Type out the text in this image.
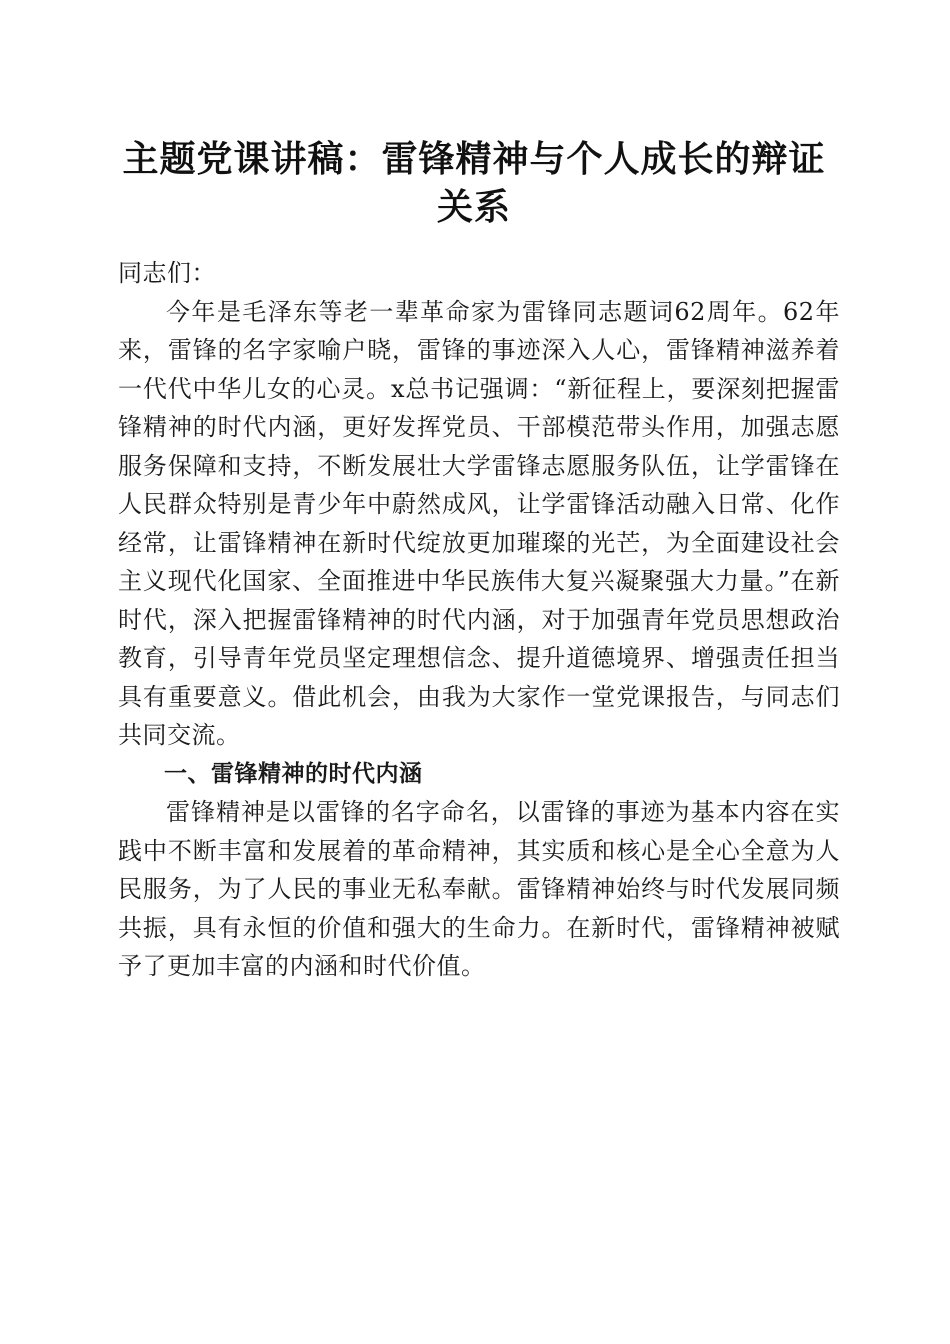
主题党课讲稿：雷锋精神与个人成长的辩证关系

同志们：

今年是毛泽东等老一辈革命家为雷锋同志题词62周年。62年来，雷锋的名字家喻户晓，雷锋的事迹深入人心，雷锋精神滋养着一代代中华儿女的心灵。x总书记强调：“新征程上，要深刻把握雷锋精神的时代内涵，更好发挥党员、干部模范带头作用，加强志愿服务保障和支持，不断发展壮大学雷锋志愿服务队伍，让学雷锋在人民群众特别是青少年中蔚然成风，让学雷锋活动融入日常、化作经常，让雷锋精神在新时代绽放更加璀璨的光芒，为全面建设社会主义现代化国家、全面推进中华民族伟大复兴凝聚强大力量。”在新时代，深入把握雷锋精神的时代内涵，对于加强青年党员思想政治教育，引导青年党员坚定理想信念、提升道德境界、增强责任担当具有重要意义。借此机会，由我为大家作一堂党课报告，与同志们共同交流。

一、雷锋精神的时代内涵

雷锋精神是以雷锋的名字命名，以雷锋的事迹为基本内容在实践中不断丰富和发展着的革命精神，其实质和核心是全心全意为人民服务，为了人民的事业无私奉献。雷锋精神始终与时代发展同频共振，具有永恒的价值和强大的生命力。在新时代，雷锋精神被赋予了更加丰富的内涵和时代价值。
